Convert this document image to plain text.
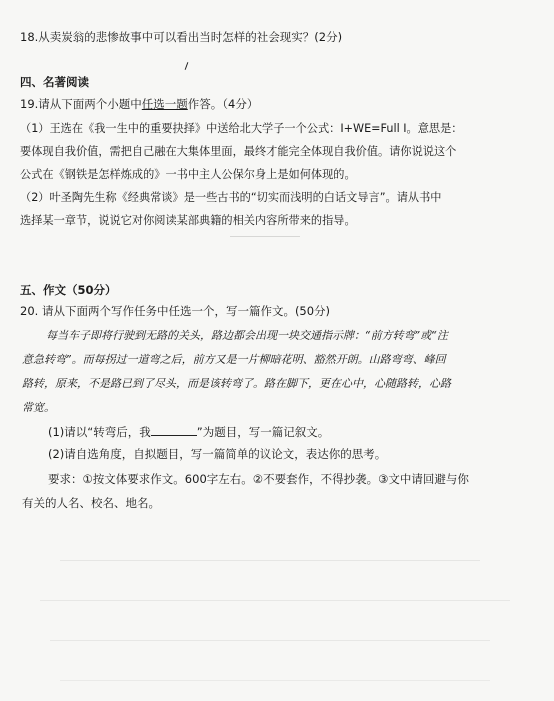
18.从卖炭翁的悲惨故事中可以看出当时怎样的社会现实？(2分)
四、名著阅读
19.请从下面两个小题中任选一题作答。（4分）
（1）王选在《我一生中的重要抉择》中送给北大学子一个公式：I+WE=Full I。意思是：
要体现自我价值，需把自己融在大集体里面，最终才能完全体现自我价值。请你说说这个
公式在《钢铁是怎样炼成的》一书中主人公保尔身上是如何体现的。
（2）叶圣陶先生称《经典常谈》是一些古书的“切实而浅明的白话文导言”。请从书中
选择某一章节，说说它对你阅读某部典籍的相关内容所带来的指导。
五、作文（50分）
20. 请从下面两个写作任务中任选一个，写一篇作文。(50分)
每当车子即将行驶到无路的关头，路边都会出现一块交通指示牌：“前方转弯”或“注
意急转弯”。而每拐过一道弯之后，前方又是一片柳暗花明、豁然开朗。山路弯弯、峰回
路转，原来，不是路已到了尽头，而是该转弯了。路在脚下，更在心中，心随路转，心路
常宽。
(1)请以“转弯后，我	”为题目，写一篇记叙文。
(2)请自选角度，自拟题目，写一篇简单的议论文，表达你的思考。
要求：①按文体要求作文。600字左右。②不要套作，不得抄袭。③文中请回避与你
有关的人名、校名、地名。
